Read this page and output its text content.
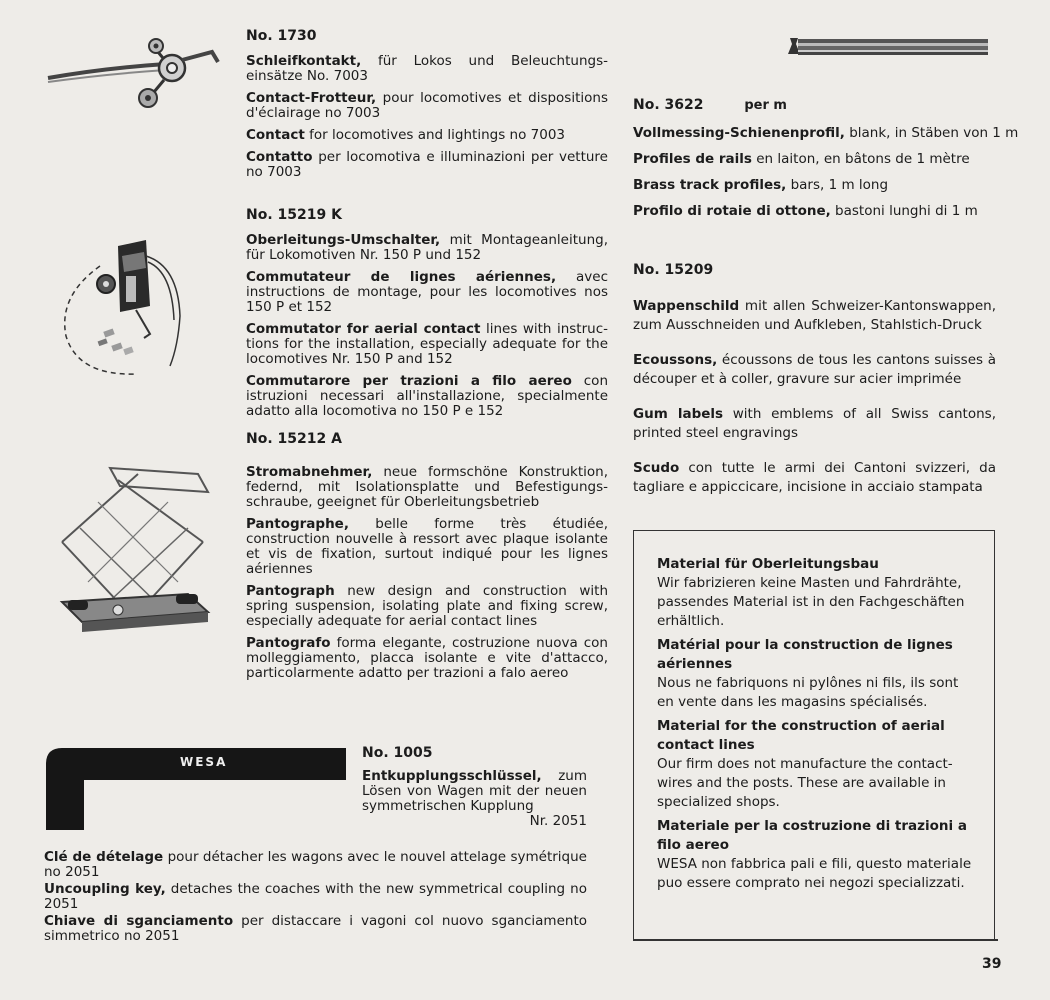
WESA
No. 1730

Schleifkontakt, für Lokos und Beleuchtungseinsätze No. 7003

Contact-Frotteur, pour locomotives et dispositions d'éclairage no 7003

Contact for locomotives and lightings no 7003

Contatto per locomotiva e illuminazioni per vetture no 7003

No. 15219 K

Oberleitungs-Umschalter, mit Montageanleitung, für Lokomotiven Nr. 150 P und 152

Commutateur de lignes aériennes, avec instructions de montage, pour les locomotives nos 150 P et 152

Commutator for aerial contact lines with instructions for the installation, especially adequate for the locomotives Nr. 150 P and 152

Commutarore per trazioni a filo aereo con istruzioni necessari all'installazione, specialmente adatto alla locomotiva no 150 P e 152

No. 15212 A

Stromabnehmer, neue formschöne Konstruktion, federnd, mit Isolationsplatte und Befestigungsschraube, geeignet für Oberleitungsbetrieb

Pantographe, belle forme très étudiée, construction nouvelle à ressort avec plaque isolante et vis de fixation, surtout indiqué pour les lignes aériennes

Pantograph new design and construction with spring suspension, isolating plate and fixing screw, especially adequate for aerial contact lines

Pantografo forma elegante, costruzione nuova con molleggiamento, placca isolante e vite d'attacco, particolarmente adatto per trazioni a falo aereo

No. 1005

Entkupplungsschlüssel, zum Lösen von Wagen mit der neuen symmetrischen Kupplung

Nr. 2051

Clé de dételage pour détacher les wagons avec le nouvel attelage symétrique no 2051

Uncoupling key, detaches the coaches with the new symmetrical coupling no 2051

Chiave di sganciamento per distaccare i vagoni col nuovo sganciamento simmetrico no 2051

No. 3622	per m

Vollmessing-Schienenprofil, blank, in Stäben von 1 m

Profiles de rails en laiton, en bâtons de 1 mètre

Brass track profiles, bars, 1 m long

Profilo di rotaie di ottone, bastoni lunghi di 1 m

No. 15209

Wappenschild mit allen Schweizer-Kantonswappen, zum Ausschneiden und Aufkleben, Stahlstich-Druck

Ecoussons, écoussons de tous les cantons suisses à découper et à coller, gravure sur acier imprimée

Gum labels with emblems of all Swiss cantons, printed steel engravings

Scudo con tutte le armi dei Cantoni svizzeri, da tagliare e appiccicare, incisione in acciaio stampata

Material für Oberleitungsbau
Wir fabrizieren keine Masten und Fahrdrähte, passendes Material ist in den Fachgeschäften erhältlich.
Matérial pour la construction de lignes aériennes
Nous ne fabriquons ni pylônes ni fils, ils sont en vente dans les magasins spécialisés.
Material for the construction of aerial contact lines
Our firm does not manufacture the contactwires and the posts. These are available in specialized shops.
Materiale per la costruzione di trazioni a filo aereo
WESA non fabbrica pali e fili, questo materiale puo essere comprato nei negozi specializzati.
39
